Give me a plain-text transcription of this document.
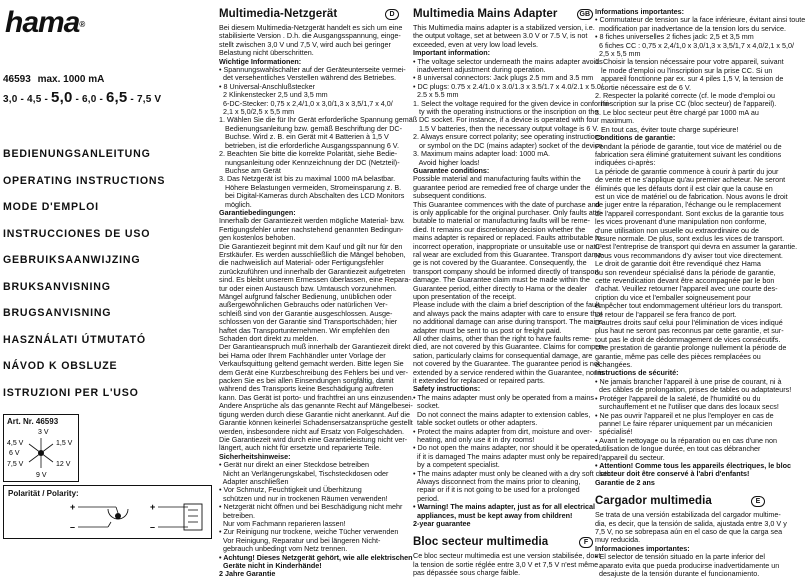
hama®
46593 max. 1000 mA
3,0 - 4,5 - 5,0 - 6,0 - 6,5 - 7,5 V
BEDIENUNGSANLEITUNG
OPERATING INSTRUCTIONS
MODE D'EMPLOI
INSTRUCCIONES DE USO
GEBRUIKSAANWIJZING
BRUKSANVISNING
BRUGSANVISNING
HASZNÁLATI ÚTMUTATÓ
NÁVOD K OBSLUZE
ISTRUZIONI PER L'USO
Art. Nr. 46593
3 V
4,5 V	1,5 V
6 V
7,5 V	12 V
9 V
Polarität / Polarity:
+
–
+
–
Multimedia-Netzgerät	D

Bei diesem Multimedia-Netzgerät handelt es sich um eine

stabilisierte Version . D.h. die Ausgangsspannung, einge-

stellt zwischen 3,0 V und 7,5 V, wird auch bei geringer

Belastung nicht überschritten.

Wichtige Informationen:

• Spannungswahlschalter auf der Geräteunterseite vermei-

det versehentliches Verstellen während des Betriebes.

• 8 Universal-Anschlußstecker

2 Klinkenstecker 2,5 und 3,5 mm

6-DC-Stecker: 0,75 x 2,4/1,0 x 3,0/1,3 x 3,5/1,7 x 4,0/

2,1 x 5,0/2,5 x 5,5 mm

1. Wählen Sie die für Ihr Gerät erforderliche Spannung gemäß

Bedienungsanleitung bzw. gemäß Beschriftung der DC-

Buchse. Wird z. B. ein Gerät mit 4 Batterien à 1,5 V

betrieben, ist die erforderliche Ausgangsspannung 6 V.

2. Beachten Sie bitte die korrekte Polarität, siehe Bedie-

nungsanleitung oder Kennzeichnung der DC (Netzteil)-

Buchse am Gerät

3. Das Netzgerät ist bis zu maximal 1000 mA belastbar.

Höhere Belastungen vermeiden, Stromeinsparung z. B.

bei Digital-Kameras durch Abschalten des LCD Monitors

möglich.

Garantiebedingungen:

Innerhalb der Garantiezeit werden mögliche Material- bzw.

Fertigungsfehler unter nachstehend genannten Bedingun-

gen kostenlos behoben.

Die Garantiezeit beginnt mit dem Kauf und gilt nur für den

Erstkäufer. Es werden ausschließlich die Mängel behoben,

die nachweislich auf Material- oder Fertigungsfehler

zurückzuführen und innerhalb der Garantiezeit aufgetreten

sind. Es bleibt unserem Ermessen überlassen, eine Repara-

tur oder einen Austausch bzw. Umtausch vorzunehmen.

Mängel aufgrund falscher Bedienung, unüblichen oder

außergewöhnlichen Gebrauchs oder natürlichen Ver-

schleiß sind von der Garantie ausgeschlossen. Ausge-

schlossen von der Garantie sind Transportschäden; hier

haftet das Transportunternehmen. Wir empfehlen den

Schaden dort direkt zu melden.

Der Garantieanspruch muß innerhalb der Garantiezeit direkt

bei Hama oder Ihrem Fachhändler unter Vorlage der

Verkaufsquittung geltend gemacht werden. Bitte legen Sie

dem Gerät eine Kurzbeschreibung des Fehlers bei und ver-

packen Sie es bei allen Einsendungen sorgfältig, damit

während des Transports keine Beschädigung auftreten

kann. Das Gerät ist porto- und frachtfrei an uns einzusenden.

Andere Ansprüche als das genannte Recht auf Mängelbesei-

tigung werden durch diese Garantie nicht anerkannt. Auf die

Garantie können keinerlei Schadensersatzansprüche gestellt

werden, insbesondere nicht auf Ersatz von Folgeschäden.

Die Garantiezeit wird durch eine Garantieleistung nicht ver-

längert, auch nicht für ersetzte und reparierte Teile.

Sicherheitshinweise:

• Gerät nur direkt an einer Steckdose betreiben

Nicht an Verlängerungskabel, Tischsteckdosen oder

Adapter anschließen

• Vor Schmutz, Feuchtigkeit und Überhitzung

schützen und nur in trockenen Räumen verwenden!

• Netzgerät nicht öffnen und bei Beschädigung nicht mehr

betreiben.

Nur vom Fachmann reparieren lassen!

• Zur Reinigung nur trockene, weiche Tücher verwenden

Vor Reinigung, Reparatur und bei längeren Nicht-

gebrauch unbedingt vom Netz trennen.

• Achtung! Dieses Netzgerät gehört, wie alle elektrischen

Geräte nicht in Kinderhände!

2 Jahre Garantie

Multimedia Mains Adapter	GB

This Multimedia mains adapter is a stabilized version, i.e.

the output voltage, set at between 3.0 V or 7.5 V, is not

exceeded, even at very low load levels.

Important information:

• The voltage selector underneath the mains adapter avoids

inadvertent adjustment during operation.

• 8 universal connectors: Jack plugs 2.5 mm and 3.5 mm

• DC plugs: 0.75 x 2.4/1.0 x 3.0/1.3 x 3.5/1.7 x 4.0/2.1 x 5.0/

2.5 x 5.5 mm

1. Select the voltage required for the given device in conformi-

ty with the operating instructions or the inscription on the

DC socket. For instance, if a device is operated with four

1.5 V batteries, then the necessary output voltage is 6 V.

2. Always ensure correct polarity; see operating instructions

or symbol on the DC (mains adapter) socket of the device.

3. Maximum mains adapter load: 1000 mA.

Avoid higher loads!

Guarantee conditions:

Possible material and manufacturing faults within the

guarantee period are remedied free of charge under the

subsequent conditions.

This Guarantee commences with the date of purchase and

is only applicable for the original purchaser. Only faults attri-

butable to material or manufacturing faults will be reme-

died. It remains our discretionary decision whether the

mains adapter is repaired or replaced. Faults attributable to

incorrect operation, inappropriate or unsuitable use or natu-

ral wear are excluded from this Guarantee. Transport dama-

ge is not covered by the Guarantee. Consequently, the

transport company should be informed directly of transport

damage. The Guarantee claim must be made within the

Guarantee period, either directly to Hama or the dealer

upon presentation of the receipt.

Please include with the claim a brief description of the fault,

and always pack the mains adapter with care to ensure that

no additional damage can arise during transport. The mains

adapter must be sent to us post or freight paid.

All other claims, other than the right to have faults reme-

died, are not covered by this Guarantee. Claims for compen-

sation, particularly claims for consequential damage, are

not covered by the Guarantee. The guarantee period is not

extended by a service rendered within the Guarantee, nor is

it extended for replaced or repaired parts.

Safety instructions:

• The mains adapter must only be operated from a mains

socket.

Do not connect the mains adapter to extension cables,

table socket outlets or other adapters.

• Protect the mains adapter from dirt, moisture and over-

heating, and only use it in dry rooms!

• Do not open the mains adapter, nor should it be operated

if it is damaged The mains adapter must only be repaired

by a competent specialist.

• The mains adapter must only be cleaned with a dry soft cloth.

Always disconnect from the mains prior to cleaning,

repair or if it is not going to be used for a prolonged

period.

• Warning! The mains adapter, just as for all electrical

appliances, must be kept away from children!

2-year guarantee

Bloc secteur multimedia	F

Ce bloc secteur multimedia est une version stabilisée, dont

la tension de sortie réglée entre 3,0 V et 7,5 V n'est même

pas dépassée sous charge faible.

Informations importantes:

• Commutateur de tension sur la face inférieure, évitant ainsi toute

modification par inadvertance de la tension lors du service.

• 8 fiches universelles 2 fiches jack: 2,5 et 3,5 mm

6 fiches CC : 0,75 x 2,4/1,0 x 3,0/1,3 x 3,5/1,7 x 4,0/2,1 x 5,0/

2,5 x 5,5 mm

1. Choisir la tension nécessaire pour votre appareil, suivant

le mode d'emploi ou l'inscription sur la prise CC. Si un

appareil fonctionne par ex. sur 4 piles 1,5 V, la tension de

sortie nécessaire est de 6 V.

2. Respecter la polarité correcte (cf. le mode d'emploi ou

l'inscription sur la prise CC (bloc secteur) de l'appareil).

3. Le bloc secteur peut être chargé par 1000 mA au

maximum.

En tout cas, éviter toute charge supérieure!

Conditions de garantie:

Pendant la période de garantie, tout vice de matériel ou de

fabrication sera éliminé gratuitement suivant les conditions

indiquées ci-après:

La période de garantie commence à courir à partir du jour

de vente et ne s'applique qu'au premier acheteur. Ne seront

éliminés que les défauts dont il est clair que la cause en

est un vice de matériel ou de fabrication. Nous avons le droit

de juger entre la réparation, l'échange ou le remplacement

de l'appareil correspondant. Sont exclus de la garantie tous

les vices provenant d'une manipulation non conforme,

d'une utilisation non usuelle ou extraordinaire ou de

l'usure normale. De plus, sont exclus les vices de transport.

C'est l'entreprise de transport qui devra en assumer la garantie.

Nous vous recommandons d'y aviser tout vice directement.

Le droit de garantie doit être revendiqué chez Hama

ou son revendeur spécialisé dans la période de garantie,

cette revendication devant être accompagnée par le bon

d'achat. Veuillez retourner l'appareil avec une courte des-

cription du vice et l'emballer soigneusement pour

empêcher tout endommagement ultérieur lors du transport.

Le retour de l'appareil se fera franco de port.

D'autres droits sauf celui pour l'élimination de vices indiqué

plus haut ne seront pas reconnus par cette garantie, et sur-

tout pas le droit de dédommagement de vices consécutifs.

Une prestation de garantie prolonge nullement la période de

garantie, même pas celle des pièces remplacées ou

échangées.

Instructions de sécurité:

• Ne jamais brancher l'appareil à une prise de courant, ni à

des câbles de prolongation, prises de tables ou adaptateurs!

• Protéger l'appareil de la saleté, de l'humidité ou du

surchauffement et ne l'utiliser que dans des locaux secs!

• Ne pas ouvrir l'appareil et ne plus l'employer en cas de

panne! Le faire réparer uniquement par un mécanicien

spécialisé!

• Avant le nettoyage ou la réparation ou en cas d'une non

utilisation de longue durée, en tout cas débrancher

l'appareil du secteur.

• Attention! Comme tous les appareils électriques, le bloc

secteur doit être conservé à l'abri d'enfants!

Garantie de 2 ans

Cargador multimedia	E

Se trata de una versión estabilizada del cargador multime-

dia, es decir, que la tensión de salida, ajustada entre 3,0 V y

7,5 V, no se sobrepasa aún en el caso de que la carga sea

muy reducida.

Informaciones importantes:

• El selector de tensión situado en la parte inferior del

aparato evita que pueda producirse inadvertidamente un

desajuste de la tensión durante el funcionamiento.
